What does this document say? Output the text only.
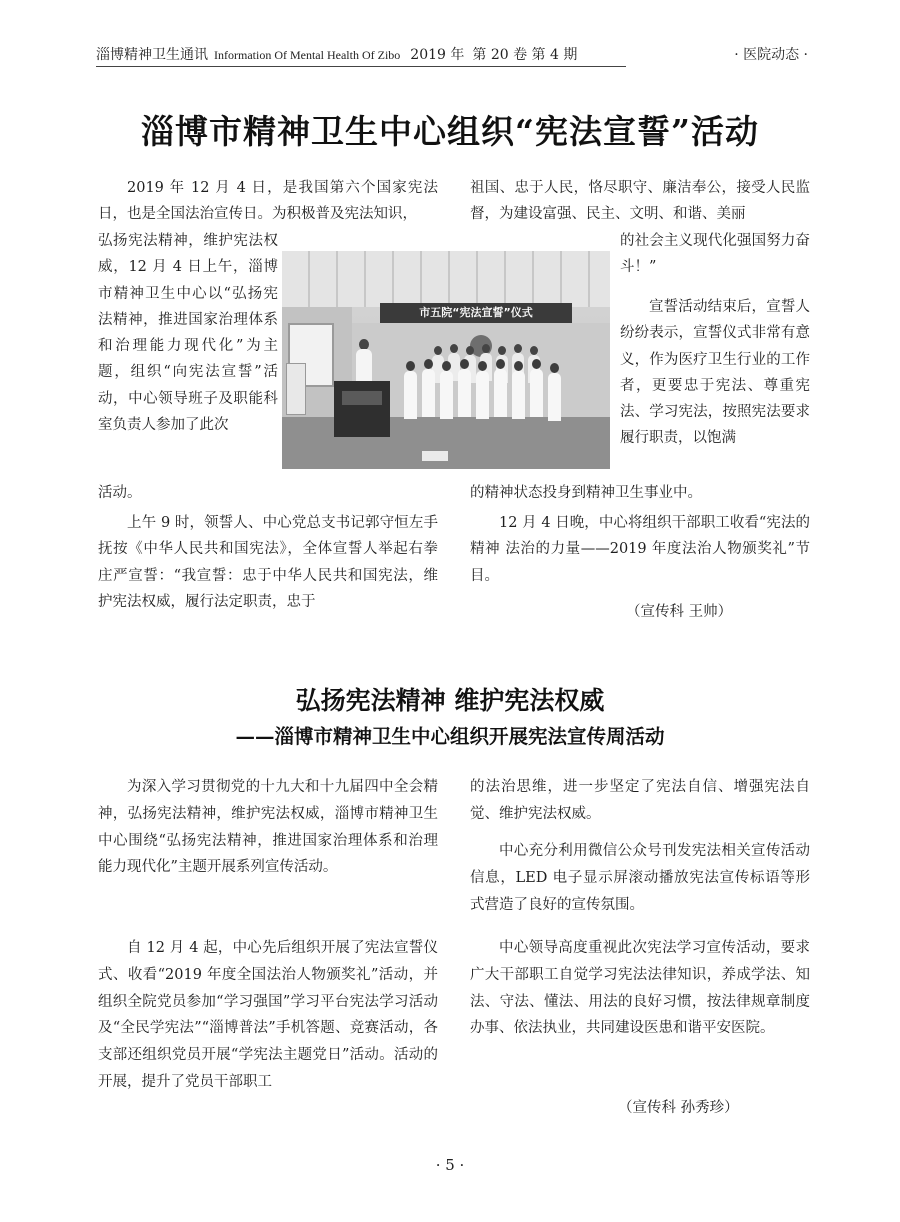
淄博精神卫生通讯 Information Of Mental Health Of Zibo 2019 年 第 20 卷 第 4 期	· 医院动态 ·
淄博市精神卫生中心组织“宪法宣誓”活动

2019 年 12 月 4 日，是我国第六个国家宪法日，也是全国法治宣传日。为积极普及宪法知识，

弘扬宪法精神，维护宪法权威，12 月 4 日上午，淄博市精神卫生中心以“弘扬宪法精神，推进国家治理体系和治理能力现代化”为主题，组织“向宪法宣誓”活动，中心领导班子及职能科室负责人参加了此次

活动。

上午 9 时，领誓人、中心党总支书记郭守恒左手抚按《中华人民共和国宪法》，全体宣誓人举起右拳庄严宣誓：“我宣誓：忠于中华人民共和国宪法，维护宪法权威，履行法定职责，忠于

祖国、忠于人民，恪尽职守、廉洁奉公，接受人民监督，为建设富强、民主、文明、和谐、美丽

的社会主义现代化强国努力奋斗！”

宣誓活动结束后，宣誓人纷纷表示，宣誓仪式非常有意义，作为医疗卫生行业的工作者，更要忠于宪法、尊重宪法、学习宪法，按照宪法要求履行职责，以饱满

的精神状态投身到精神卫生事业中。

12 月 4 日晚，中心将组织干部职工收看“宪法的精神 法治的力量——2019 年度法治人物颁奖礼”节目。

（宣传科 王帅）
市五院“宪法宣誓”仪式
弘扬宪法精神 维护宪法权威
——淄博市精神卫生中心组织开展宪法宣传周活动

为深入学习贯彻党的十九大和十九届四中全会精神，弘扬宪法精神，维护宪法权威，淄博市精神卫生中心围绕“弘扬宪法精神，推进国家治理体系和治理能力现代化”主题开展系列宣传活动。

自 12 月 4 起，中心先后组织开展了宪法宣誓仪式、收看“2019 年度全国法治人物颁奖礼”活动，并组织全院党员参加“学习强国”学习平台宪法学习活动及“全民学宪法”“淄博普法”手机答题、竞赛活动，各支部还组织党员开展“学宪法主题党日”活动。活动的开展，提升了党员干部职工

的法治思维，进一步坚定了宪法自信、增强宪法自觉、维护宪法权威。

中心充分利用微信公众号刊发宪法相关宣传活动信息，LED 电子显示屏滚动播放宪法宣传标语等形式营造了良好的宣传氛围。

中心领导高度重视此次宪法学习宣传活动，要求广大干部职工自觉学习宪法法律知识，养成学法、知法、守法、懂法、用法的良好习惯，按法律规章制度办事、依法执业，共同建设医患和谐平安医院。

（宣传科 孙秀珍）
· 5 ·
